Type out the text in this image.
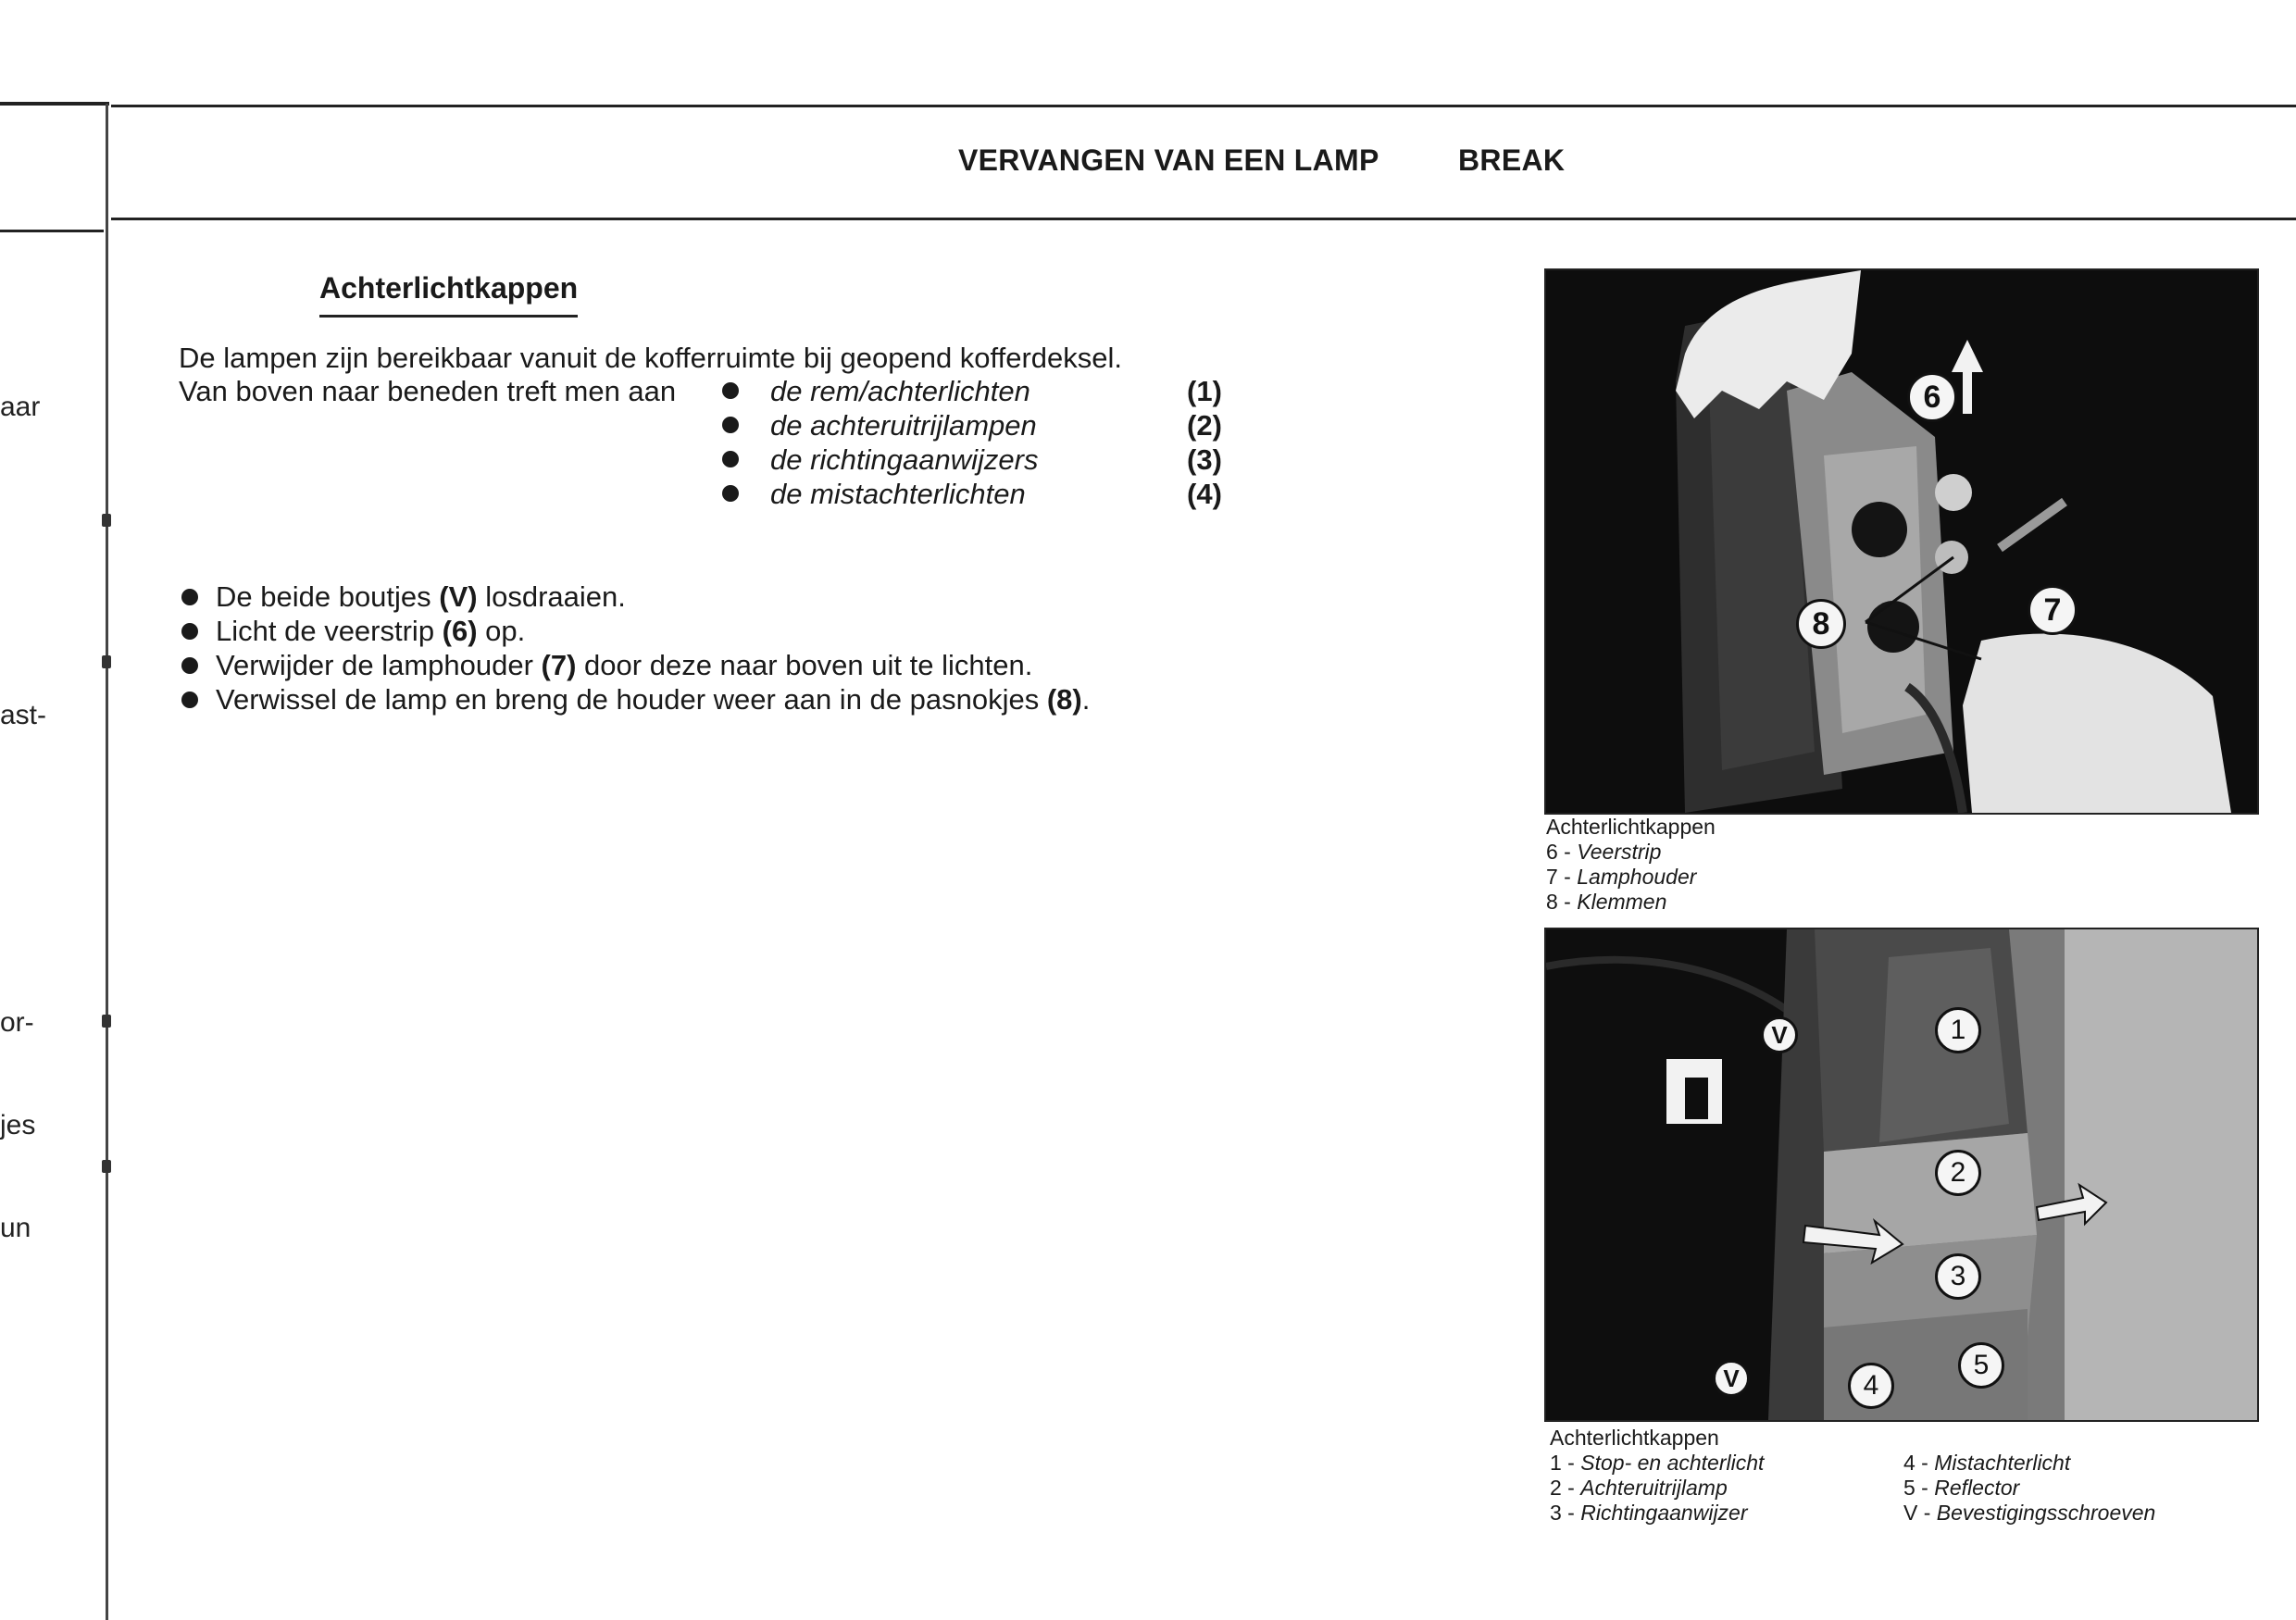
aar
ast-
or-
jes
un
VERVANGEN VAN EEN LAMP	BREAK
Achterlichtkappen
De lampen zijn bereikbaar vanuit de kofferruimte bij geopend kofferdeksel.
Van boven naar beneden treft men aan	de rem/achterlichten	(1)
de achteruitrijlampen	(2)
de richtingaanwijzers	(3)
de mistachterlichten	(4)
De beide boutjes (V) losdraaien.
Licht de veerstrip (6) op.
Verwijder de lamphouder (7) door deze naar boven uit te lichten.
Verwissel de lamp en breng de houder weer aan in de pasnokjes (8).
6
7
8
Achterlichtkappen
6 - Veerstrip
7 - Lamphouder
8 - Klemmen
1
2
3
4
5
V
V
Achterlichtkappen
1 - Stop- en achterlicht
2 - Achteruitrijlamp
3 - Richtingaanwijzer
4 - Mistachterlicht
5 - Reflector
V - Bevestigingsschroeven
